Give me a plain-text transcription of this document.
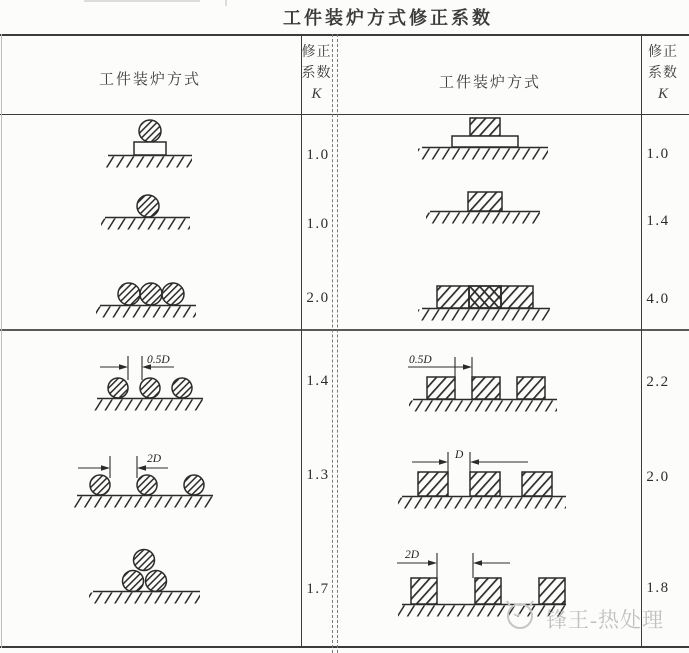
工件装炉方式修正系数
工件装炉方式
修正
系数
K
工件装炉方式
修正
系数
K
1.0
1.0
2.0
1.4
1.3
1.7
1.0
1.4
4.0
2.2
2.0
1.8
0.5D
2D
0.5D
D
2D
锋王-热处理
